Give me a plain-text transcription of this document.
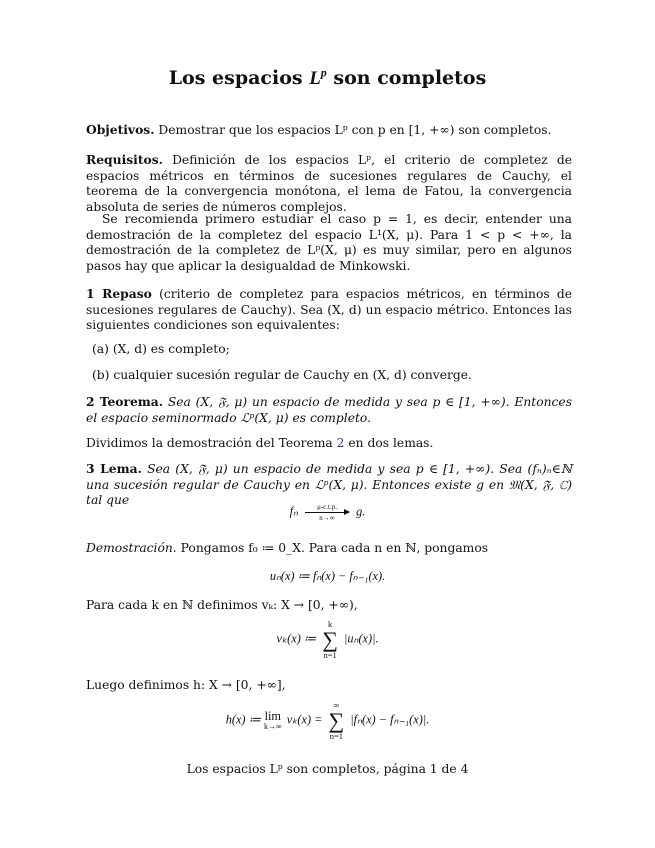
Los espacios $L^p$ son completos
Objetivos. Demostrar que los espacios Lᵖ con p en [1, +∞) son completos.
Requisitos. Definición de los espacios Lᵖ, el criterio de completez de espacios métricos en términos de sucesiones regulares de Cauchy, el teorema de la convergencia monótona, el lema de Fatou, la convergencia absoluta de series de números complejos.
Se recomienda primero estudiar el caso p = 1, es decir, entender una demostración de la completez del espacio L¹(X, μ). Para 1 < p < +∞, la demostración de la completez de Lᵖ(X, μ) es muy similar, pero en algunos pasos hay que aplicar la desigualdad de Minkowski.
1 Repaso (criterio de completez para espacios métricos, en términos de sucesiones regulares de Cauchy). Sea (X, d) un espacio métrico. Entonces las siguientes condiciones son equivalentes:
(a) (X, d) es completo;
(b) cualquier sucesión regular de Cauchy en (X, d) converge.
2 Teorema. Sea (X, 𝔉, μ) un espacio de medida y sea p ∈ [1, +∞). Entonces el espacio seminormado ℒᵖ(X, μ) es completo.
Dividimos la demostración del Teorema 2 en dos lemas.
3 Lema. Sea (X, 𝔉, μ) un espacio de medida y sea p ∈ [1, +∞). Sea (fₙ)ₙ∈ℕ una sucesión regular de Cauchy en ℒᵖ(X, μ). Entonces existe g en 𝔐(X, 𝔉, ℂ) tal que
fₙ $\frac{\mu-c.t.p.}{n\to\infty} g$.
Demostración. Pongamos f₀ ≔ 0_X. Para cada n en ℕ, pongamos
uₙ(x) ≔ fₙ(x) − fₙ₋₁(x).
Para cada k en ℕ definimos vₖ: X → [0, +∞),
vₖ(x) ≔
k
∑
n=1
|uₙ(x)|.
Luego definimos h: X → [0, +∞],
h(x) ≔ lim
k→∞ vₖ(x) =
∞
∑
n=1
|fₙ(x) − fₙ₋₁(x)|.
Los espacios Lᵖ son completos, página 1 de 4
